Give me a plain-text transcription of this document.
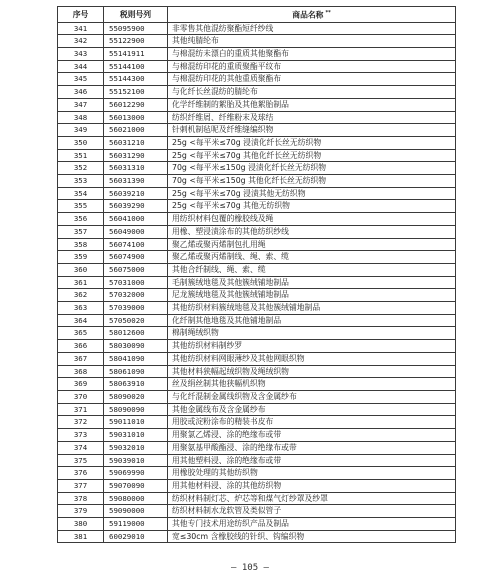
序号	税则号列	商品名称 **
341	55095900	非零售其他混纺聚酯短纤纱线
342	55122900	其他纯腈纶布
343	55141911	与棉混纺未漂白的重质其他聚酯布
344	55144100	与棉混纺印花的重质聚酯平纹布
345	55144300	与棉混纺印花的其他重质聚酯布
346	55152100	与化纤长丝混纺的腈纶布
347	56012290	化学纤维制的絮胎及其他絮胎制品
348	56013000	纺织纤维屑、纤维粉末及球结
349	56021000	针刺机制毡呢及纤维缝编织物
350	56031210	25g <每平米≤70g 浸渍化纤长丝无纺织物
351	56031290	25g <每平米≤70g 其他化纤长丝无纺织物
352	56031310	70g <每平米≤150g 浸渍化纤长丝无纺织物
353	56031390	70g <每平米≤150g 其他化纤长丝无纺织物
354	56039210	25g <每平米≤70g 浸渍其他无纺织物
355	56039290	25g <每平米≤70g 其他无纺织物
356	56041000	用纺织材料包覆的橡胶线及绳
357	56049000	用橡、塑浸渍涂布的其他纺织纱线
358	56074100	聚乙烯或聚丙烯制包扎用绳
359	56074900	聚乙烯或聚丙烯制线、绳、索、缆
360	56075000	其他合纤制线、绳、索、缆
361	57031000	毛制簇绒地毯及其他簇绒铺地制品
362	57032000	尼龙簇绒地毯及其他簇绒铺地制品
363	57039000	其他纺织材料簇绒地毯及其他簇绒铺地制品
364	57050020	化纤制其他地毯及其他铺地制品
365	58012600	棉制绳绒织物
366	58030090	其他纺织材料制纱罗
367	58041090	其他纺织材料网眼薄纱及其他网眼织物
368	58061090	其他材料狭幅起绒织物及绳绒织物
369	58063910	丝及绢丝制其他狭幅机织物
370	58090020	与化纤混制金属线织物及含金属纱布
371	58090090	其他金属线布及含金属纱布
372	59011010	用胶或淀粉涂布的精装书皮布
373	59031010	用聚氯乙烯浸、涂的绝缘布或带
374	59032010	用聚氨基甲酸酯浸、涂的绝缘布或带
375	59039010	用其他塑料浸、涂的绝缘布或带
376	59069990	用橡胶处理的其他纺织物
377	59070090	用其他材料浸、涂的其他纺织物
378	59080000	纺织材料制灯芯、炉芯等和煤气灯纱罩及纱罩
379	59090000	纺织材料制水龙软管及类似管子
380	59119000	其他专门技术用途纺织产品及制品
381	60029010	宽≤30cm 含橡胶线的针织、钩编织物
— 105 —
